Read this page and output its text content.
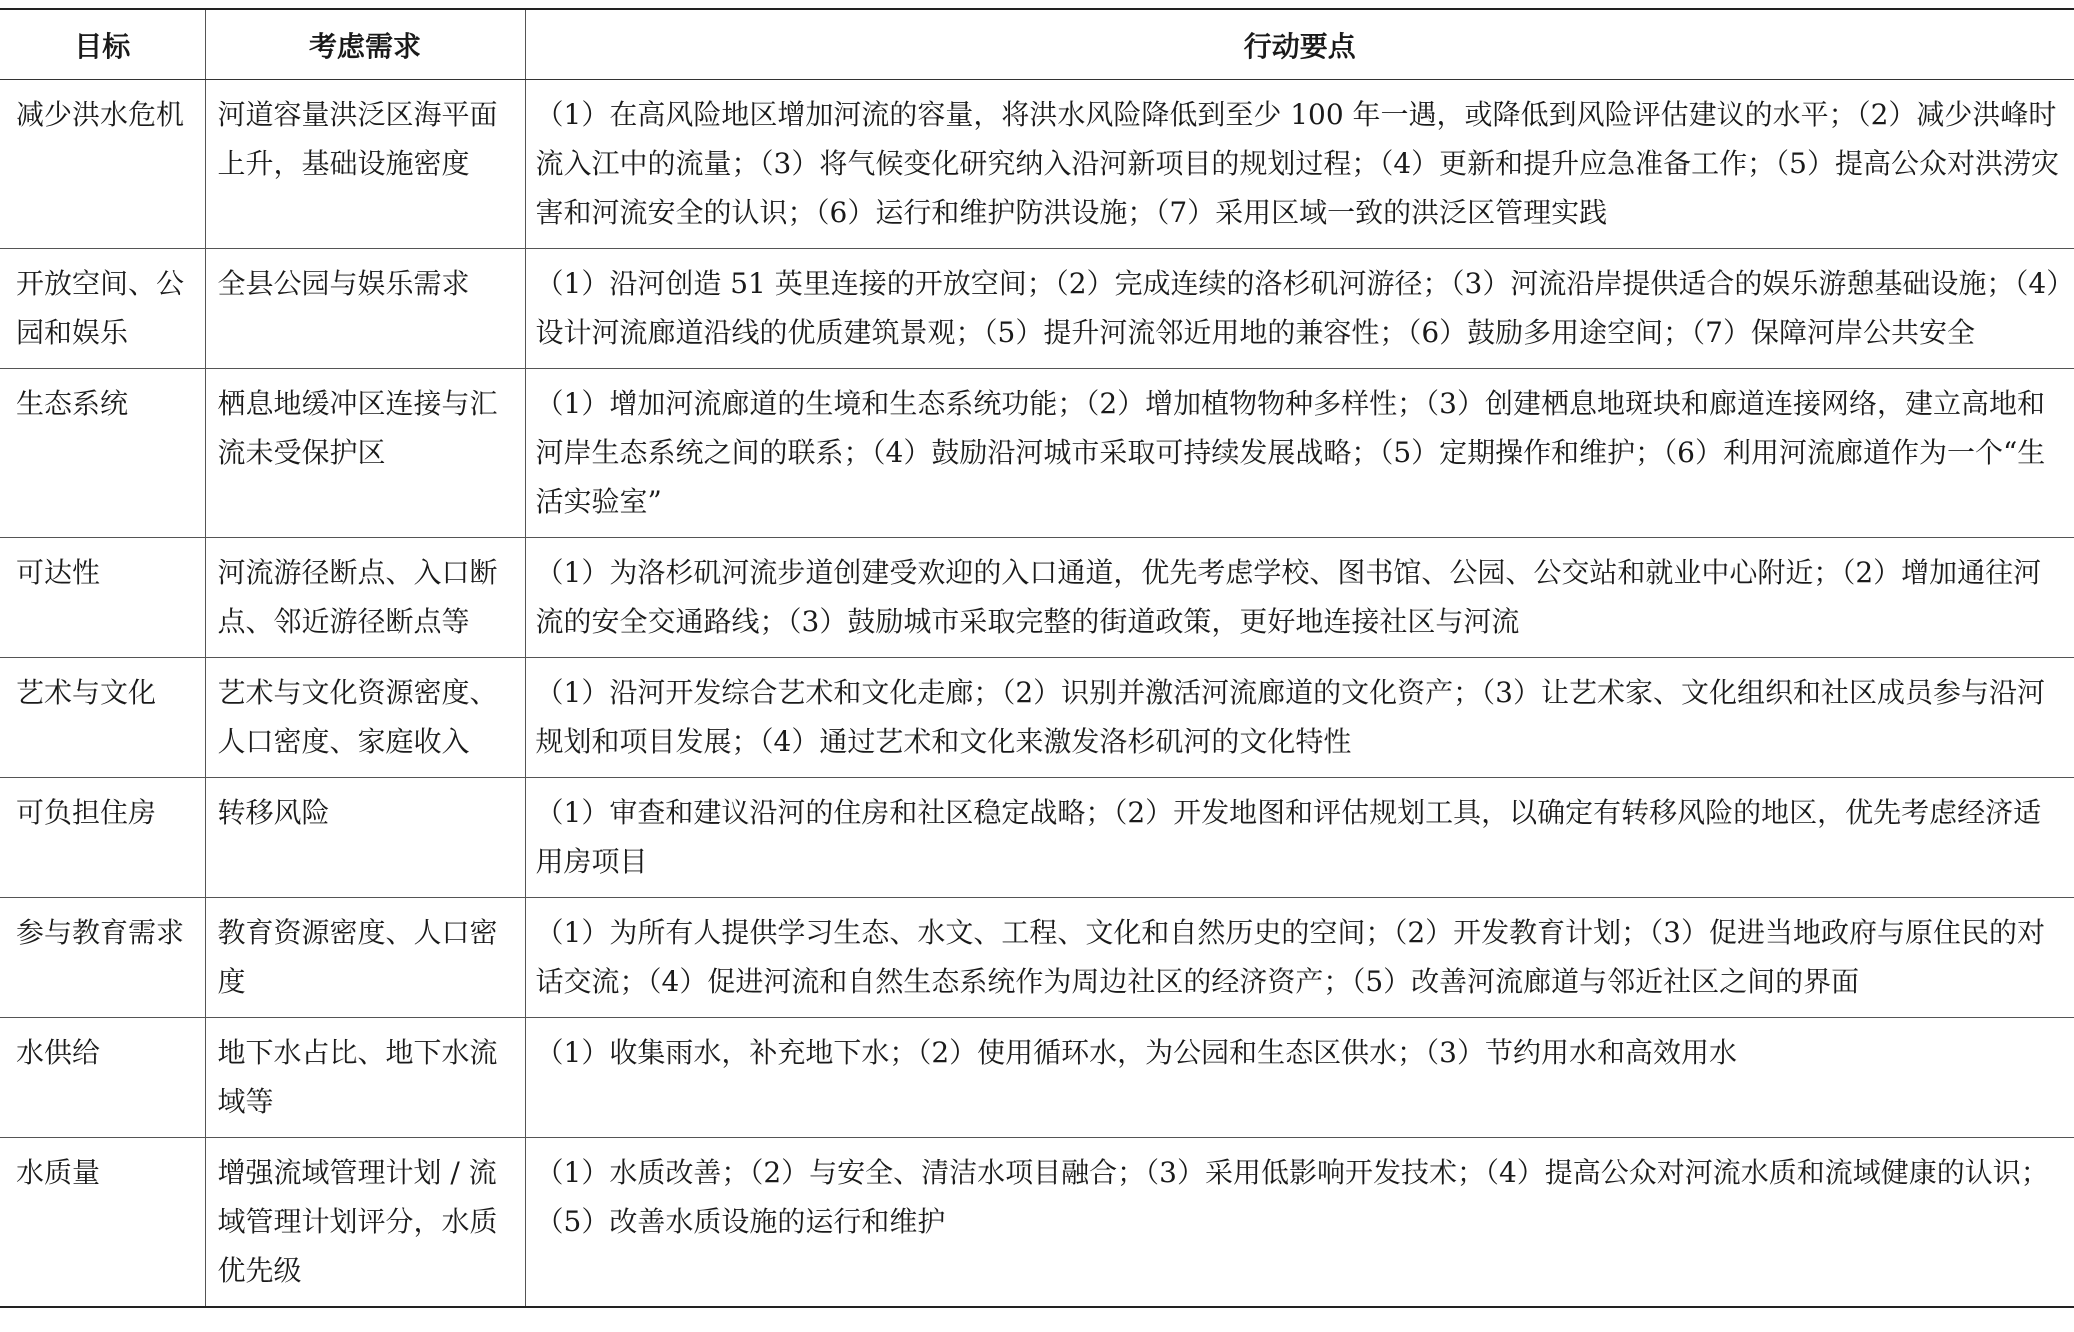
目标	考虑需求	行动要点
减少洪水危机	河道容量洪泛区海平面上升，基础设施密度	（1）在高风险地区增加河流的容量，将洪水风险降低到至少 100 年一遇，或降低到风险评估建议的水平；（2）减少洪峰时流入江中的流量；（3）将气候变化研究纳入沿河新项目的规划过程；（4）更新和提升应急准备工作；（5）提高公众对洪涝灾害和河流安全的认识；（6）运行和维护防洪设施；（7）采用区域一致的洪泛区管理实践
开放空间、公园和娱乐	全县公园与娱乐需求	（1）沿河创造 51 英里连接的开放空间；（2）完成连续的洛杉矶河游径；（3）河流沿岸提供适合的娱乐游憩基础设施；（4）设计河流廊道沿线的优质建筑景观；（5）提升河流邻近用地的兼容性；（6）鼓励多用途空间；（7）保障河岸公共安全
生态系统	栖息地缓冲区连接与汇流未受保护区	（1）增加河流廊道的生境和生态系统功能；（2）增加植物物种多样性；（3）创建栖息地斑块和廊道连接网络，建立高地和河岸生态系统之间的联系；（4）鼓励沿河城市采取可持续发展战略；（5）定期操作和维护；（6）利用河流廊道作为一个“生活实验室”
可达性	河流游径断点、入口断点、邻近游径断点等	（1）为洛杉矶河流步道创建受欢迎的入口通道，优先考虑学校、图书馆、公园、公交站和就业中心附近；（2）增加通往河流的安全交通路线；（3）鼓励城市采取完整的街道政策，更好地连接社区与河流
艺术与文化	艺术与文化资源密度、人口密度、家庭收入	（1）沿河开发综合艺术和文化走廊；（2）识别并激活河流廊道的文化资产；（3）让艺术家、文化组织和社区成员参与沿河规划和项目发展；（4）通过艺术和文化来激发洛杉矶河的文化特性
可负担住房	转移风险	（1）审查和建议沿河的住房和社区稳定战略；（2）开发地图和评估规划工具，以确定有转移风险的地区，优先考虑经济适用房项目
参与教育需求	教育资源密度、人口密度	（1）为所有人提供学习生态、水文、工程、文化和自然历史的空间；（2）开发教育计划；（3）促进当地政府与原住民的对话交流；（4）促进河流和自然生态系统作为周边社区的经济资产；（5）改善河流廊道与邻近社区之间的界面
水供给	地下水占比、地下水流域等	（1）收集雨水，补充地下水；（2）使用循环水，为公园和生态区供水；（3）节约用水和高效用水
水质量	增强流域管理计划 / 流域管理计划评分，水质优先级	（1）水质改善；（2）与安全、清洁水项目融合；（3）采用低影响开发技术；（4）提高公众对河流水质和流域健康的认识；（5）改善水质设施的运行和维护
